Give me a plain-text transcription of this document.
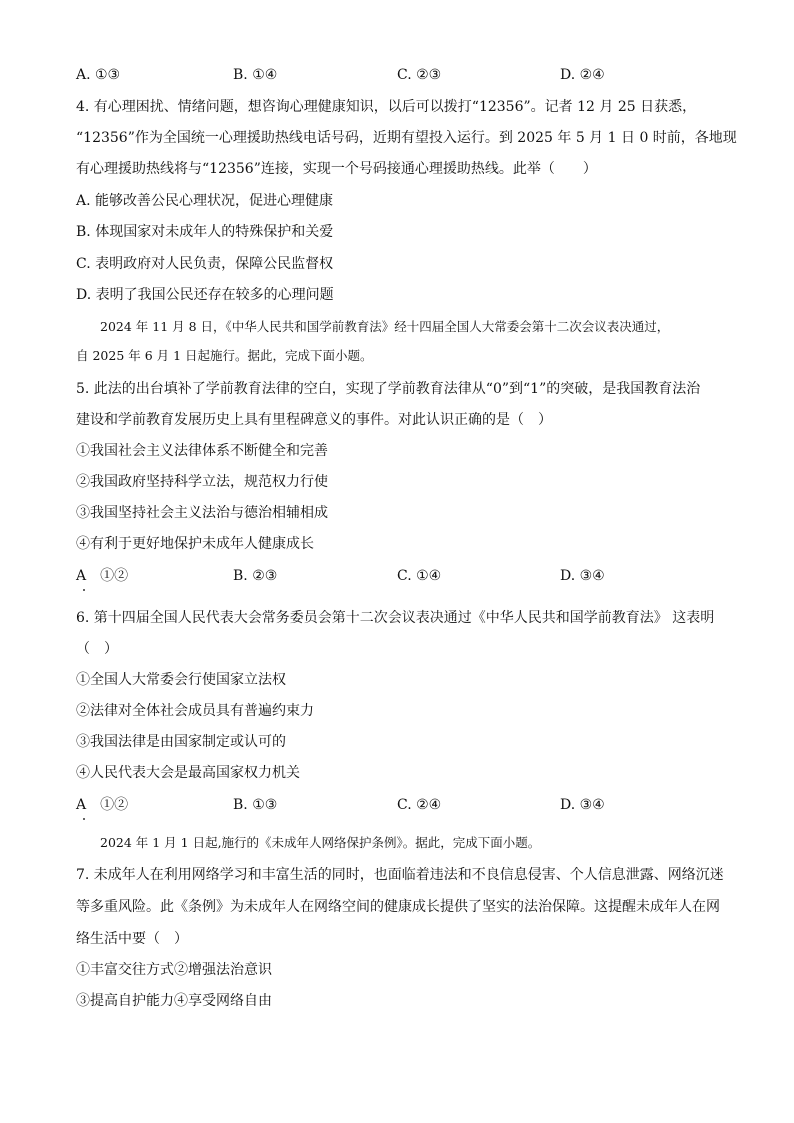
A. ①③	B. ①④	C. ②③	D. ②④
4. 有心理困扰、情绪问题，想咨询心理健康知识，以后可以拨打“12356”。记者 12 月 25 日获悉，
“12356”作为全国统一心理援助热线电话号码，近期有望投入运行。到 2025 年 5 月 1 日 0 时前，各地现
有心理援助热线将与“12356”连接，实现一个号码接通心理援助热线。此举（　　）
A. 能够改善公民心理状况，促进心理健康
B. 体现国家对未成年人的特殊保护和关爱
C. 表明政府对人民负责，保障公民监督权
D. 表明了我国公民还存在较多的心理问题
2024 年 11 月 8 日，《中华人民共和国学前教育法》经十四届全国人大常委会第十二次会议表决通过，
自 2025 年 6 月 1 日起施行。据此，完成下面小题。
5. 此法的出台填补了学前教育法律的空白，实现了学前教育法律从“0”到“1”的突破，是我国教育法治
建设和学前教育发展历史上具有里程碑意义的事件。对此认识正确的是（　）
①我国社会主义法律体系不断健全和完善
②我国政府坚持科学立法，规范权力行使
③我国坚持社会主义法治与德治相辅相成
④有利于更好地保护未成年人健康成长
A　①②	B. ②③	C. ①④	D. ③④
6. 第十四届全国人民代表大会常务委员会第十二次会议表决通过《中华人民共和国学前教育法》 这表明
（　）
①全国人大常委会行使国家立法权
②法律对全体社会成员具有普遍约束力
③我国法律是由国家制定或认可的
④人民代表大会是最高国家权力机关
A　①②	B. ①③	C. ②④	D. ③④
2024 年 1 月 1 日起,施行的《未成年人网络保护条例》。据此，完成下面小题。
7. 未成年人在利用网络学习和丰富生活的同时，也面临着违法和不良信息侵害、个人信息泄露、网络沉迷
等多重风险。此《条例》为未成年人在网络空间的健康成长提供了坚实的法治保障。这提醒未成年人在网
络生活中要（　）
①丰富交往方式②增强法治意识
③提高自护能力④享受网络自由
